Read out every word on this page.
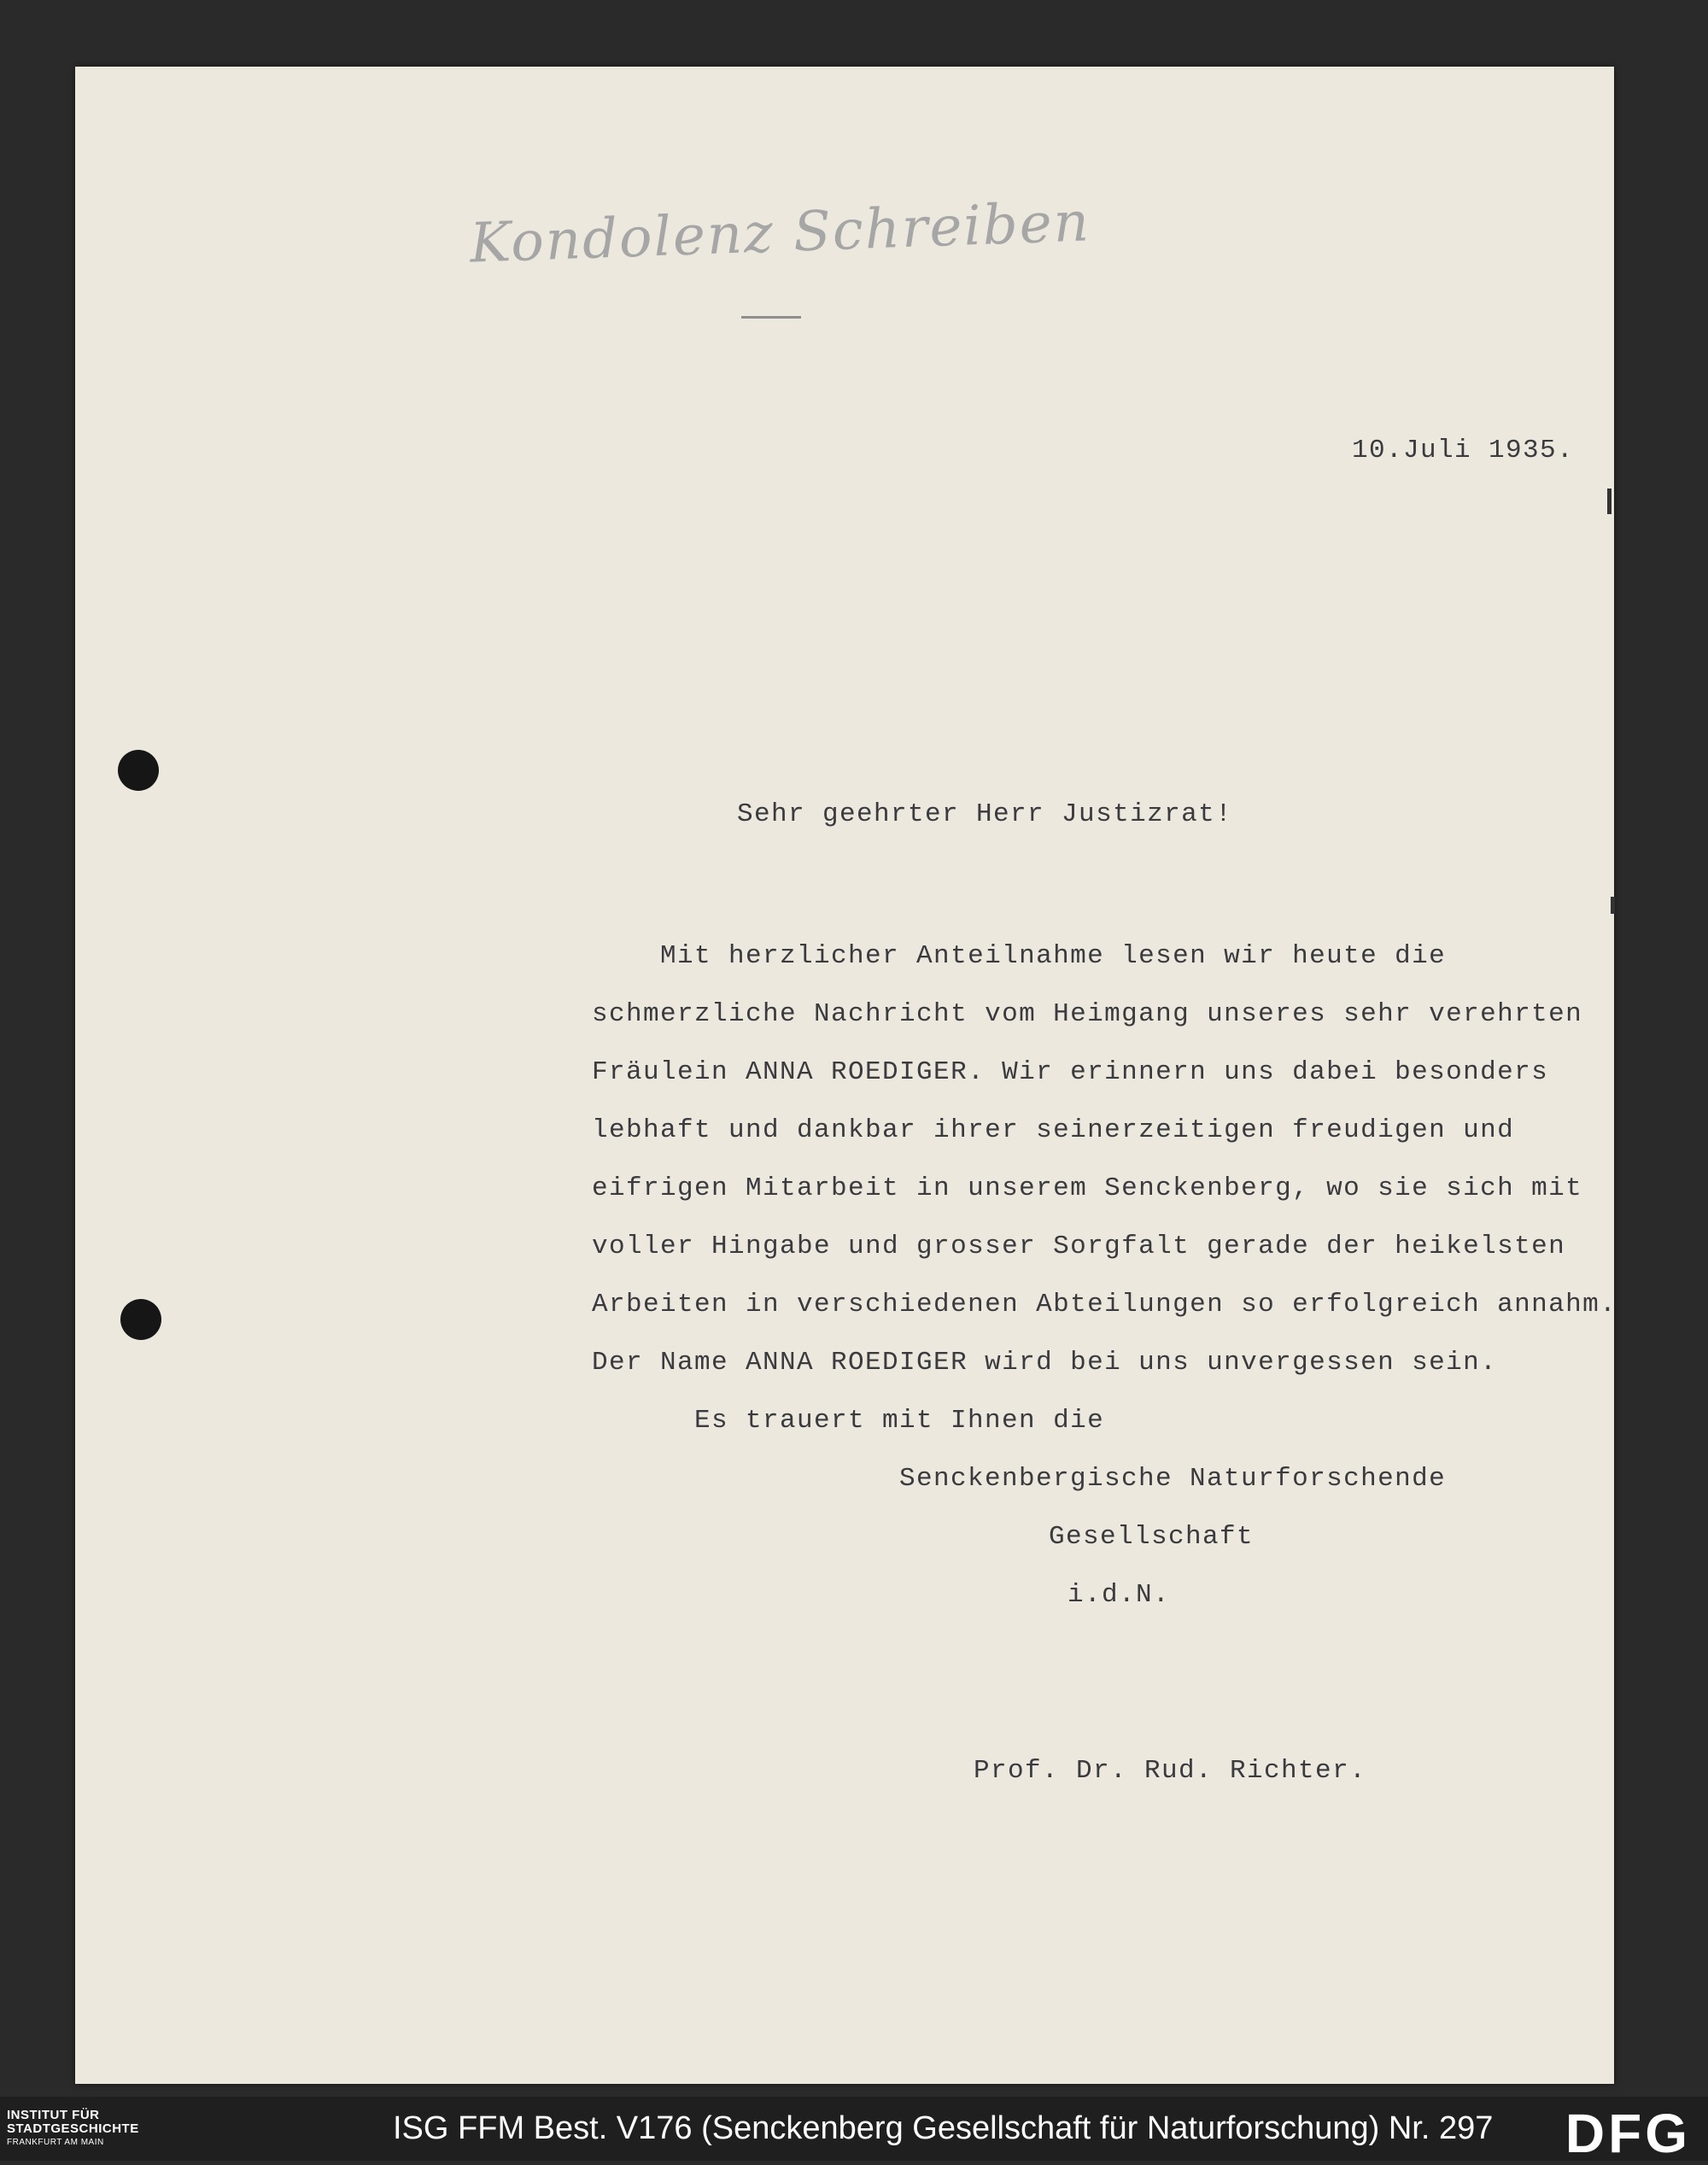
Kondolenz Schreiben
10.Juli 1935.
Sehr geehrter Herr Justizrat!
Mit herzlicher Anteilnahme lesen wir heute die
schmerzliche Nachricht vom Heimgang unseres sehr verehrten
Fräulein ANNA ROEDIGER. Wir erinnern uns dabei besonders
lebhaft und dankbar ihrer seinerzeitigen freudigen und
eifrigen Mitarbeit in unserem Senckenberg, wo sie sich mit
voller Hingabe und grosser Sorgfalt gerade der heikelsten
Arbeiten in verschiedenen Abteilungen so erfolgreich annahm.
Der Name ANNA ROEDIGER wird bei uns unvergessen sein.
Es trauert mit Ihnen die
Senckenbergische Naturforschende
Gesellschaft
i.d.N.
Prof. Dr. Rud. Richter.
INSTITUT FÜR
STADTGESCHICHTE
FRANKFURT AM MAIN	ISG FFM Best. V176 (Senckenberg Gesellschaft für Naturforschung) Nr. 297 DFG
